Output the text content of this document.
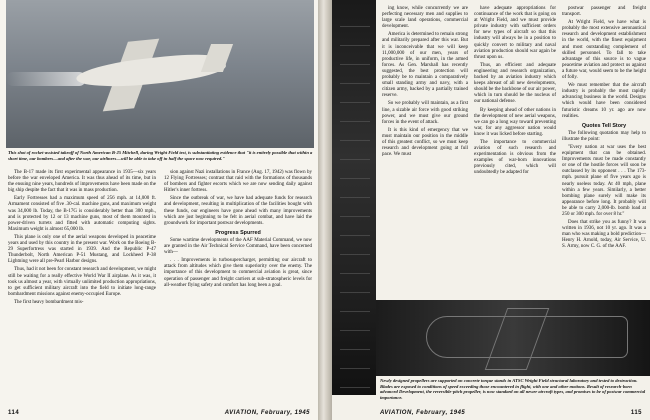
This shot of rocket-assisted takeoff of North American B-25 Mitchell, during Wright Field test, is substantiating evidence that "it is entirely possible that within a short time, our bombers—and after the war, our airliners—will be able to take off in half the space now required."

The B-17 made its first experimental appearance in 1935—six years before the war enveloped America. It was thus ahead of its time, but in the ensuing nine years, hundreds of improvements have been made on the big ship despite the fact that it was in mass production.

Early Fortresses had a maximum speed of 256 mph. at 14,000 ft. Armament consisted of five .30-cal. machine guns, and maximum weight was 34,000 lb. Today, the B-17G is considerably better than 300 mph., and is protected by 12 or 13 machine guns, most of them mounted in power-driven turrets and fitted with automatic computing sights. Maximum weight is almost 65,000 lb.

This plane is only one of the aerial weapons developed in peacetime years and used by this country in the present war. Work on the Boeing B-29 Superfortress was started in 1939. And the Republic P-47 Thunderbolt, North American P-51 Mustang, and Lockheed P-38 Lightning were all pre-Pearl Harbor designs.

Thus, had it not been for constant research and development, we might still be waiting for a really effective World War II airplane. As it was, it took us almost a year, with virtually unlimited production appropriations, to get sufficient military aircraft into the field to initiate long-range bombardment missions against enemy-occupied Europe.

The first heavy bombardment mis-

sion against Nazi installations in France (Aug. 17, 1942) was flown by 12 Flying Fortresses; contrast that raid with the formations of thousands of bombers and fighter escorts which we are now sending daily against Hitler's inner fortress.

Since the outbreak of war, we have had adequate funds for research and development, resulting in multiplication of the facilities bought with these funds, our engineers have gone ahead with many improvements which are just beginning to be felt in aerial combat, and have laid the groundwork for important postwar developments.

Progress Spurred

Some wartime developments of the AAF Material Command, we now are granted in the Air Technical Service Command, have been concerned with—

. . . Improvements in turbosupercharger, permitting our aircraft to attack from altitudes which give them superiority over the enemy. The importance of this development to commercial aviation is great, since operation of passenger and freight carriers at sub-stratospheric levels for all-weather flying safety and comfort has long been a goal.

114	AVIATION, February, 1945

ing know, while concurrently we are perfecting necessary men and supplies to large scale land operations, commercial development.

America is determined to remain strong and militarily prepared after this war. But it is inconceivable that we will keep 11,000,000 of our men, years of productive life, in uniform, in the armed forces. As Gen. Marshall has recently suggested, the best protection will probably be to maintain a comparatively small standing army and navy, with a citizen army, backed by a partially trained reserve.

So we probably will maintain, as a first line, a sizable air force with good striking power, and we must give our ground forces in the event of attack.

It is this kind of emergency that we must maintain our position in the middle of this greatest conflict, so we must keep research and development going at full pace. We must

have adequate appropriations for continuance of the work that is going on at Wright Field, and we must provide private industry with sufficient orders for new types of aircraft so that this industry will always be in a position to quickly convert to military and naval aviation production should war again be thrust upon us.

Thus, an efficient and adequate engineering and research organization, backed by an aviation industry which keeps abreast of all new developments, should be the backbone of our air power, which in turn should be the nucleus of our national defense.

By keeping ahead of other nations in the development of new aerial weapons, we can go a long way toward preventing war, for any aggressor nation would know it was licked before starting.

The importance to commercial aviation of such research and experimentation is obvious from the examples of war-born innovations previously cited, which will undoubtedly be adapted for

postwar passenger and freight transport.

At Wright Field, we have what is probably the most extensive aeronautical research and development establishment in the world, with the finest equipment and most outstanding complement of skilled personnel. To fall to take advantage of this source is to vague peacetime aviation and protect us against a future war, would seem to be the height of folly.

We must remember that the aircraft industry is probably the most rapidly advancing business in the world. Designs which would have been considered futuristic dreams 10 yr. ago are now realities.

Quotes Tell Story

The following quotation may help to illustrate the point:

"Every nation at war uses the best equipment that can be obtained. Improvements must be made constantly or one of the hostile forces will soon be outclassed by its opponent . . . The 173-mph. pursuit plane of five years ago is nearly useless today. At 40 mph, plane within a few years. Similarly, a better bombing plane surely will make its appearance before long. It probably will be able to carry 2,000-lb. bomb load at 250 or 300 mph. for over 8 hr."

Does that strike you as funny? It was written in 1936, not 10 yr. ago. It was a man who was making a bold prediction—Henry H. Arnold, today, Air Service, U. S. Army, now C. G. of the AAF.

Newly designed propellers are supported on concrete torque stands in ATSC Wright Field structural laboratory and tested to destruction. Blades are exposed to conditions of speed exceeding those encountered in flight, with one and other motions. Result of research-born advanced Development, the reversible-pitch propeller, is now standard on all newer aircraft types, and promises to be of postwar commercial importance.
AVIATION, February, 1945	115
